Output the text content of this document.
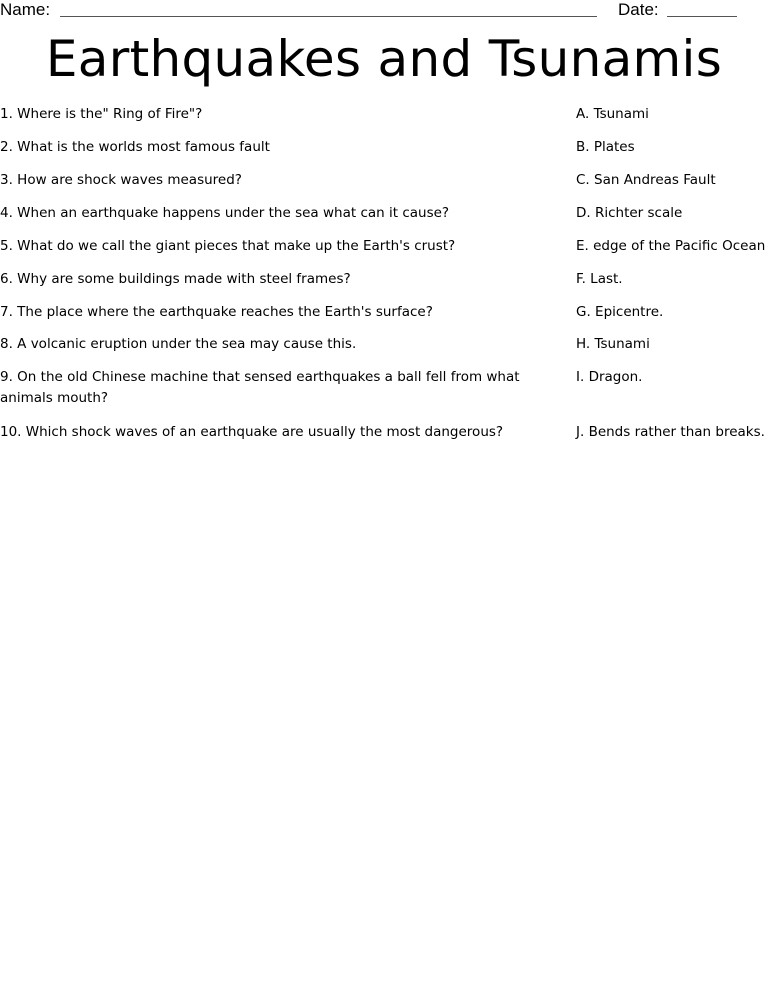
Name:	Date:
Earthquakes and Tsunamis
1. Where is the" Ring of Fire"?
2. What is the worlds most famous fault
3. How are shock waves measured?
4. When an earthquake happens under the sea what can it cause?
5. What do we call the giant pieces that make up the Earth's crust?
6. Why are some buildings made with steel frames?
7. The place where the earthquake reaches the Earth's surface?
8. A volcanic eruption under the sea may cause this.
9. On the old Chinese machine that sensed earthquakes a ball fell from what animals mouth?
10. Which shock waves of an earthquake are usually the most dangerous?
A. Tsunami
B. Plates
C. San Andreas Fault
D. Richter scale
E. edge of the Pacific Ocean
F. Last.
G. Epicentre.
H. Tsunami
I. Dragon.
J. Bends rather than breaks.
